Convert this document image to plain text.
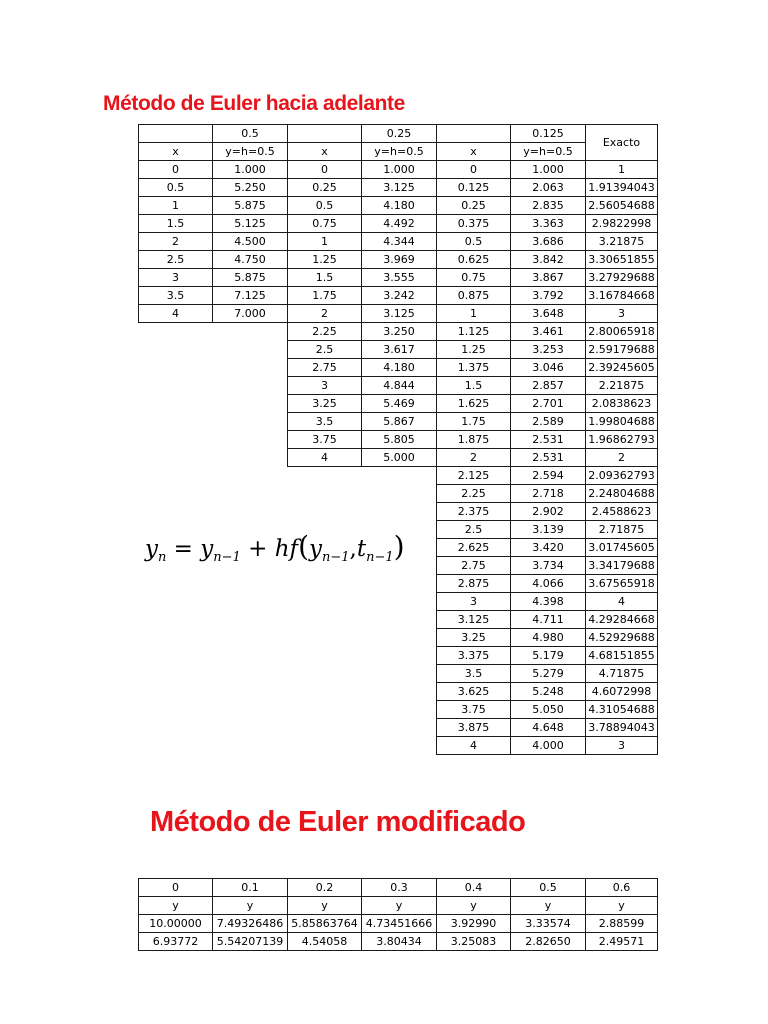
Método de Euler hacia adelante
	0.5		0.25		0.125	Exacto
x	y=h=0.5	x	y=h=0.5	x	y=h=0.5	
0	1.000	0	1.000	0	1.000	1
0.5	5.250	0.25	3.125	0.125	2.063	1.91394043
1	5.875	0.5	4.180	0.25	2.835	2.56054688
1.5	5.125	0.75	4.492	0.375	3.363	2.9822998
2	4.500	1	4.344	0.5	3.686	3.21875
2.5	4.750	1.25	3.969	0.625	3.842	3.30651855
3	5.875	1.5	3.555	0.75	3.867	3.27929688
3.5	7.125	1.75	3.242	0.875	3.792	3.16784668
4	7.000	2	3.125	1	3.648	3
		2.25	3.250	1.125	3.461	2.80065918
		2.5	3.617	1.25	3.253	2.59179688
		2.75	4.180	1.375	3.046	2.39245605
		3	4.844	1.5	2.857	2.21875
		3.25	5.469	1.625	2.701	2.0838623
		3.5	5.867	1.75	2.589	1.99804688
		3.75	5.805	1.875	2.531	1.96862793
		4	5.000	2	2.531	2
				2.125	2.594	2.09362793
				2.25	2.718	2.24804688
				2.375	2.902	2.4588623
				2.5	3.139	2.71875
				2.625	3.420	3.01745605
				2.75	3.734	3.34179688
				2.875	4.066	3.67565918
				3	4.398	4
				3.125	4.711	4.29284668
				3.25	4.980	4.52929688
				3.375	5.179	4.68151855
				3.5	5.279	4.71875
				3.625	5.248	4.6072998
				3.75	5.050	4.31054688
				3.875	4.648	3.78894043
				4	4.000	3
$y_n = y_{n-1} + hf(y_{n-1},t_{n-1})$
Método de Euler modificado
0	0.1	0.2	0.3	0.4	0.5	0.6
y	y	y	y	y	y	y
10.00000	7.49326486	5.85863764	4.73451666	3.92990	3.33574	2.88599
6.93772	5.54207139	4.54058	3.80434	3.25083	2.82650	2.49571
